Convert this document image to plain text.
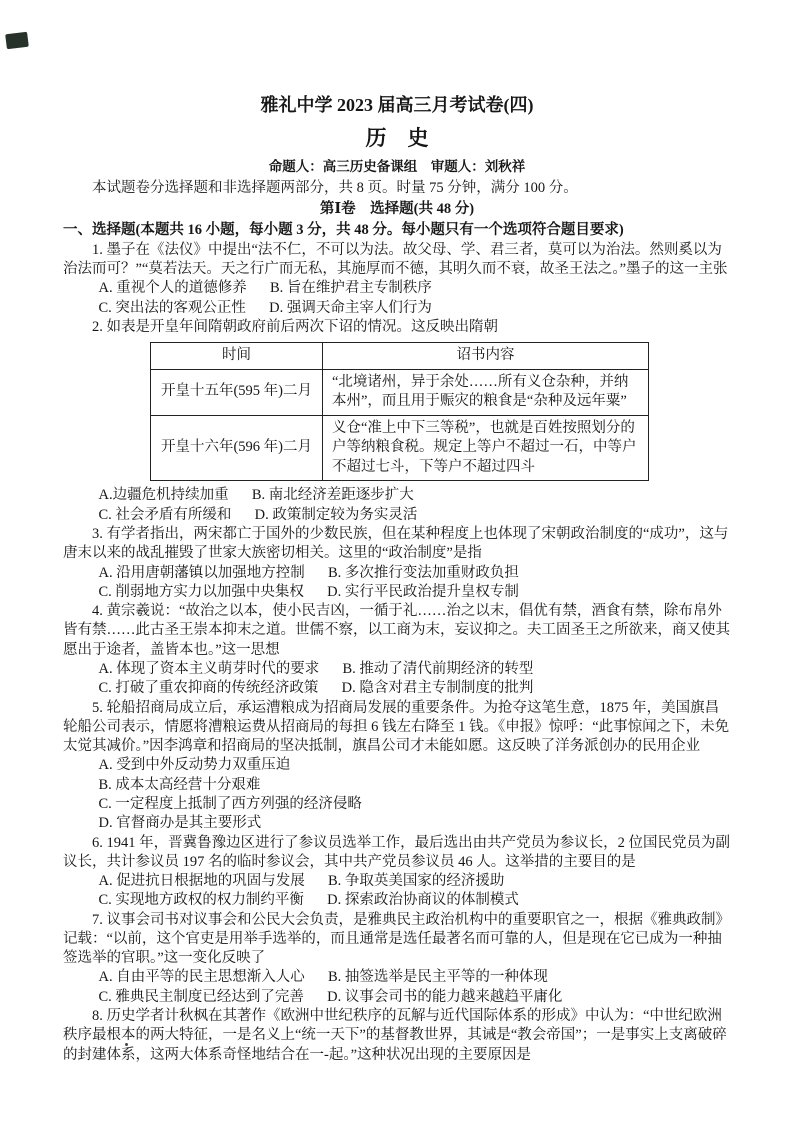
雅礼中学 2023 届高三月考试卷(四)
历　史
命题人：高三历史备课组　审题人：刘秋祥
本试题卷分选择题和非选择题两部分，共 8 页。时量 75 分钟，满分 100 分。
第Ⅰ卷　选择题(共 48 分)
一、选择题(本题共 16 小题，每小题 3 分，共 48 分。每小题只有一个选项符合题目要求)
1. 墨子在《法仪》中提出“法不仁，不可以为法。故父母、学、君三者，莫可以为治法。然则奚以为治法而可？”“莫若法天。天之行广而无私，其施厚而不德，其明久而不衰，故圣王法之。”墨子的这一主张
A. 重视个人的道德修养 B. 旨在维护君主专制秩序
C. 突出法的客观公正性 D. 强调天命主宰人们行为
2. 如表是开皇年间隋朝政府前后两次下诏的情况。这反映出隋朝
时间	诏书内容
开皇十五年(595 年)二月	“北境诸州，异于余处……所有义仓杂种，并纳本州”，而且用于赈灾的粮食是“杂种及远年粟”
开皇十六年(596 年)二月	义仓“准上中下三等税”，也就是百姓按照划分的户等纳粮食税。规定上等户不超过一石，中等户不超过七斗，下等户不超过四斗
A.边疆危机持续加重 B. 南北经济差距逐步扩大
C. 社会矛盾有所缓和 D. 政策制定较为务实灵活
3. 有学者指出，两宋都亡于国外的少数民族，但在某种程度上也体现了宋朝政治制度的“成功”，这与唐末以来的战乱摧毁了世家大族密切相关。这里的“政治制度”是指
A. 沿用唐朝藩镇以加强地方控制 B. 多次推行变法加重财政负担
C. 削弱地方实力以加强中央集权 D. 实行平民政治提升皇权专制
4. 黄宗羲说：“故治之以本，使小民吉凶，一循于礼……治之以末，倡优有禁，酒食有禁，除布帛外皆有禁……此古圣王崇本抑末之道。世儒不察，以工商为末，妄议抑之。夫工固圣王之所欲来，商又使其愿出于途者，盖皆本也。”这一思想
A. 体现了资本主义萌芽时代的要求 B. 推动了清代前期经济的转型
C. 打破了重农抑商的传统经济政策 D. 隐含对君主专制制度的批判
5. 轮船招商局成立后，承运漕粮成为招商局发展的重要条件。为抢夺这笔生意，1875 年，美国旗昌轮船公司表示，情愿将漕粮运费从招商局的每担 6 钱左右降至 1 钱。《申报》惊呼：“此事惊闻之下，未免太觉其减价。”因李鸿章和招商局的坚决抵制，旗昌公司才未能如愿。这反映了洋务派创办的民用企业
A. 受到中外反动势力双重压迫
B. 成本太高经营十分艰难
C. 一定程度上抵制了西方列强的经济侵略
D. 官督商办是其主要形式
6. 1941 年，晋冀鲁豫边区进行了参议员选举工作，最后选出由共产党员为参议长，2 位国民党员为副议长，共计参议员 197 名的临时参议会，其中共产党员参议员 46 人。这举措的主要目的是
A. 促进抗日根据地的巩固与发展 B. 争取英美国家的经济援助
C. 实现地方政权的权力制约平衡 D. 探索政治协商议的体制模式
7. 议事会司书对议事会和公民大会负责，是雅典民主政治机构中的重要职官之一，根据《雅典政制》记载：“以前，这个官吏是用举手选举的，而且通常是选任最著名而可靠的人，但是现在它已成为一种抽签选举的官职。”这一变化反映了
A. 自由平等的民主思想渐入人心 B. 抽签选举是民主平等的一种体现
C. 雅典民主制度已经达到了完善 D. 议事会司书的能力越来越趋平庸化
8. 历史学者计秋枫在其著作《欧洲中世纪秩序的瓦解与近代国际体系的形成》中认为：“中世纪欧洲秩序最根本的两大特征，一是名义上“统一天下”的基督教世界，其诫是“教会帝国”；一是事实上支离破碎的封建体系，这两大体系奇怪地结合在一-起。”这种状况出现的主要原因是
